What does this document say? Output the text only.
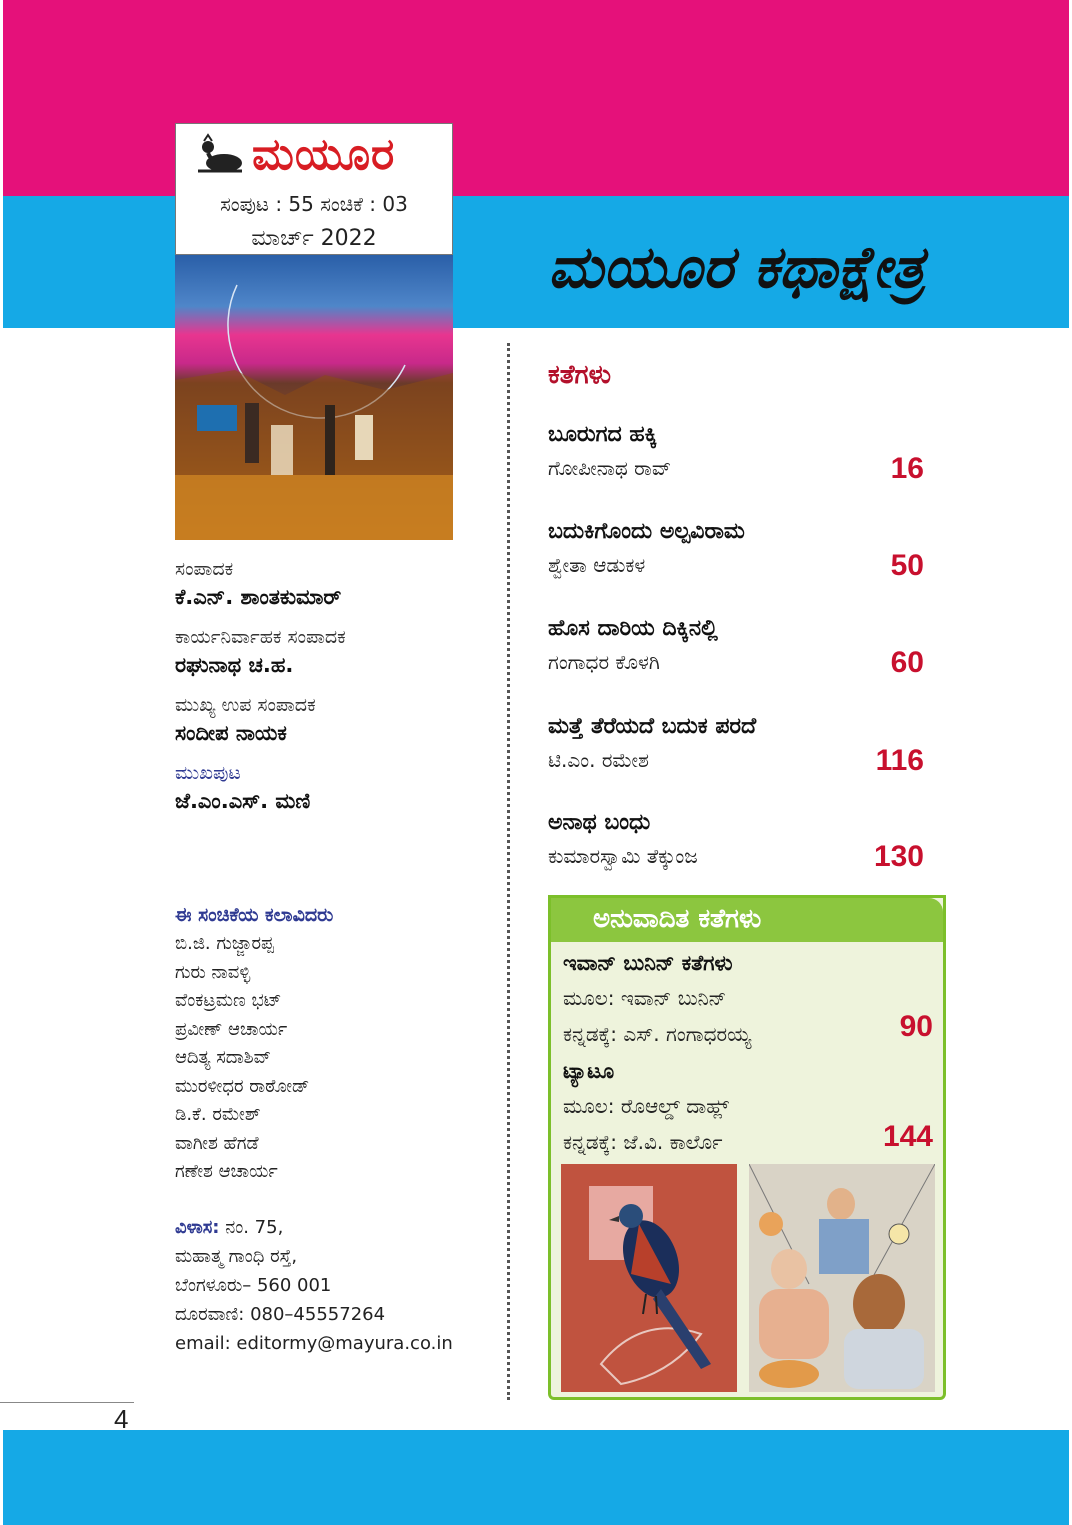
ಮಯೂರ
ಸಂಪುಟ : 55 ಸಂಚಿಕೆ : 03
ಮಾರ್ಚ್ 2022	ಮಯೂರ ಕಥಾಕ್ಷೇತ್ರ
ಸಂಪಾದಕ
ಕೆ.ಎನ್. ಶಾಂತಕುಮಾರ್
ಕಾರ್ಯನಿರ್ವಾಹಕ ಸಂಪಾದಕ
ರಘುನಾಥ ಚ.ಹ.
ಮುಖ್ಯ ಉಪ ಸಂಪಾದಕ
ಸಂದೀಪ ನಾಯಕ
ಮುಖಪುಟ
ಜೆ.ಎಂ.ಎಸ್. ಮಣಿ
ಈ ಸಂಚಿಕೆಯ ಕಲಾವಿದರು
ಬಿ.ಜಿ. ಗುಜ್ಜಾರಪ್ಪ
ಗುರು ನಾವಳ್ಳಿ
ವೆಂಕಟ್ರಮಣ ಭಟ್
ಪ್ರವೀಣ್ ಆಚಾರ್ಯ
ಆದಿತ್ಯ ಸದಾಶಿವ್
ಮುರಳೀಧರ ರಾಠೋಡ್
ಡಿ.ಕೆ. ರಮೇಶ್
ವಾಗೀಶ ಹೆಗಡೆ
ಗಣೇಶ ಆಚಾರ್ಯ
ವಿಳಾಸ: ನಂ. 75,
ಮಹಾತ್ಮ ಗಾಂಧಿ ರಸ್ತೆ,
ಬೆಂಗಳೂರು– 560 001
ದೂರವಾಣಿ: 080–45557264
email: editormy@mayura.co.in
ಕತೆಗಳು
ಬೂರುಗದ ಹಕ್ಕಿ
ಗೋಪೀನಾಥ ರಾವ್	16
ಬದುಕಿಗೊಂದು ಅಲ್ಪವಿರಾಮ
ಶ್ವೇತಾ ಆಡುಕಳ	50
ಹೊಸ ದಾರಿಯ ದಿಕ್ಕಿನಲ್ಲಿ
ಗಂಗಾಧರ ಕೊಳಗಿ	60
ಮತ್ತೆ ತೆರೆಯದೆ ಬದುಕ ಪರದೆ
ಟಿ.ಎಂ. ರಮೇಶ	116
ಅನಾಥ ಬಂಧು
ಕುಮಾರಸ್ವಾಮಿ ತೆಕ್ಕುಂಜ	130
ಅನುವಾದಿತ ಕತೆಗಳು
ಇವಾನ್ ಬುನಿನ್ ಕತೆಗಳು
ಮೂಲ: ಇವಾನ್ ಬುನಿನ್
ಕನ್ನಡಕ್ಕೆ: ಎಸ್. ಗಂಗಾಧರಯ್ಯ	90
ಟ್ಯಾಟೂ
ಮೂಲ: ರೊಆಲ್ಡ್ ದಾಹ್ಲ್
ಕನ್ನಡಕ್ಕೆ: ಜೆ.ವಿ. ಕಾರ್ಲೊ	144
4
